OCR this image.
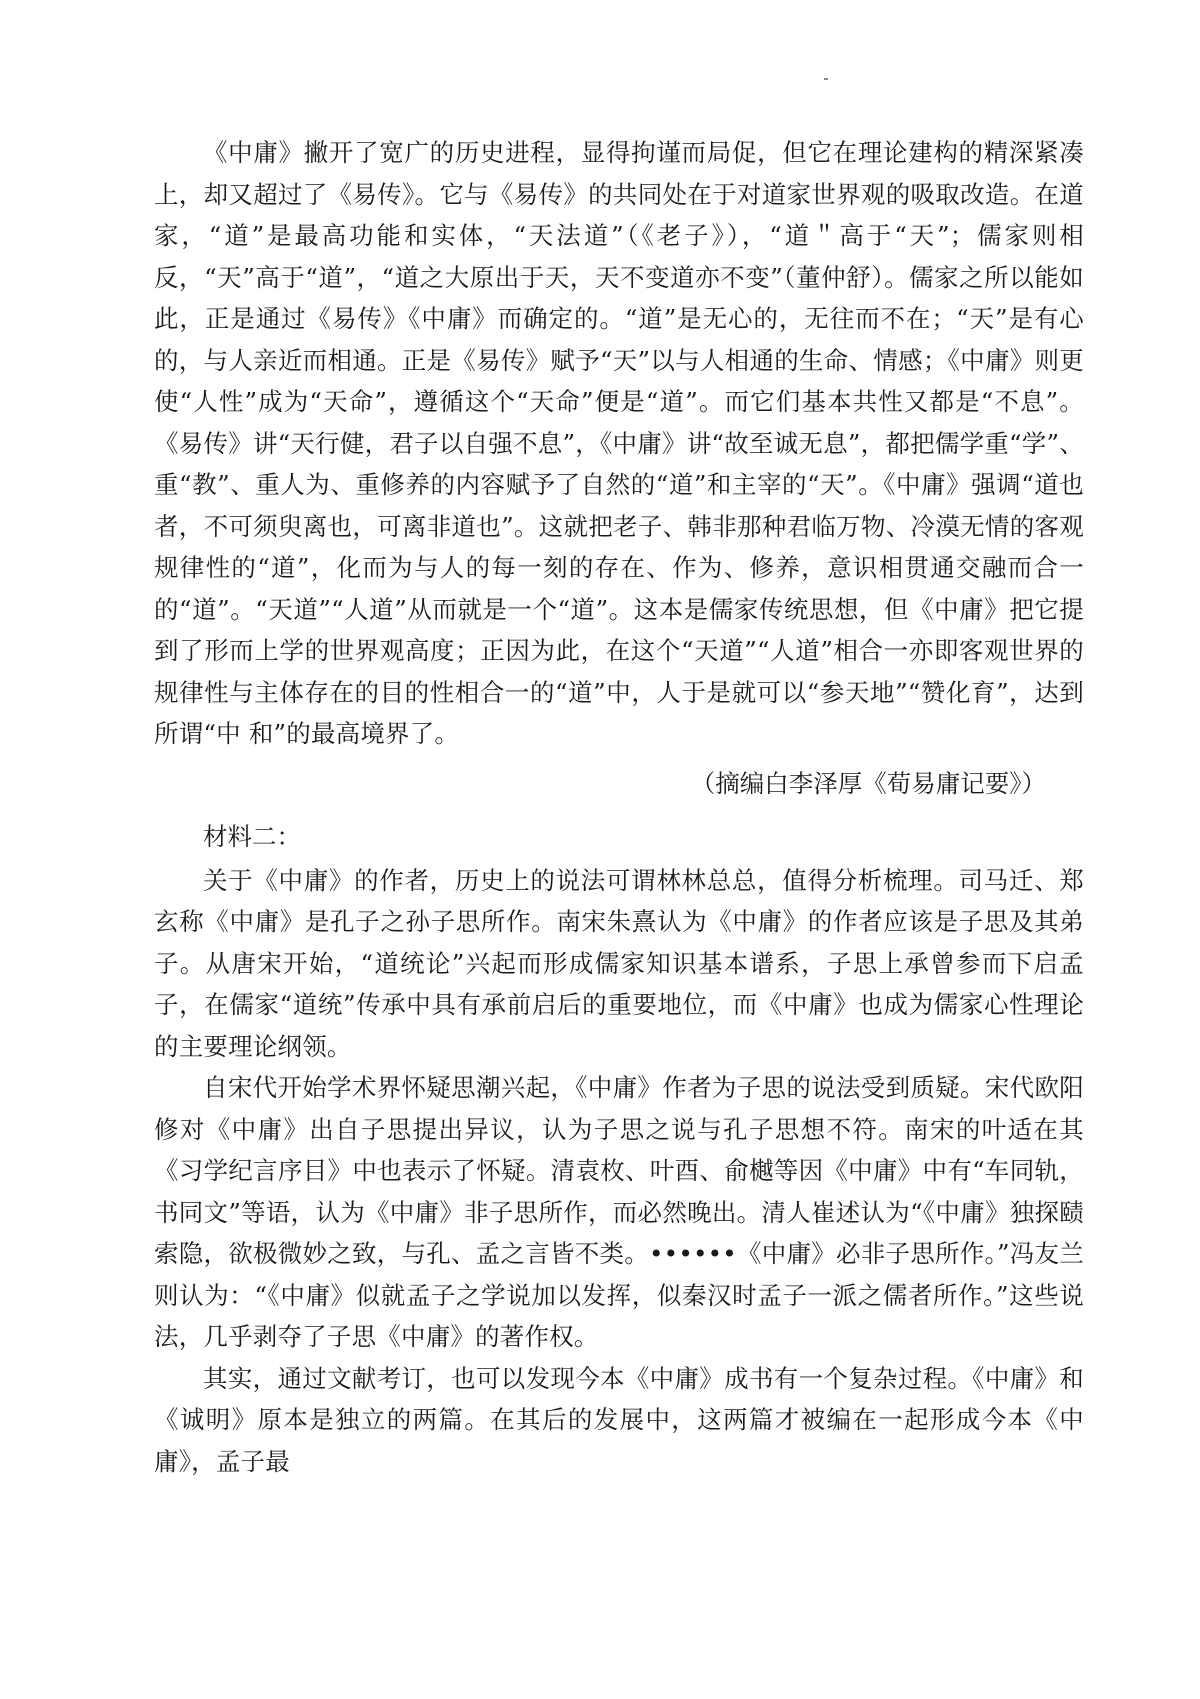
《中庸》撇开了宽广的历史进程，显得拘谨而局促，但它在理论建构的精深紧凑上，却又超过了《易传》。它与《易传》的共同处在于对道家世界观的吸取改造。在道家，“道”是最高功能和实体，“天法道”（《老子》），“道＂高于“天”；儒家则相反，“天”高于“道”，“道之大原出于天，天不变道亦不变”（董仲舒）。儒家之所以能如此，正是通过《易传》《中庸》而确定的。“道”是无心的，无往而不在；“天”是有心的，与人亲近而相通。正是《易传》赋予“天”以与人相通的生命、情感；《中庸》则更使“人性”成为“天命”，遵循这个“天命”便是“道”。而它们基本共性又都是“不息”。《易传》讲“天行健，君子以自强不息”，《中庸》讲“故至诚无息”，都把儒学重“学”、重“教”、重人为、重修养的内容赋予了自然的“道”和主宰的“天”。《中庸》强调“道也者，不可须臾离也，可离非道也”。这就把老子、韩非那种君临万物、冷漠无情的客观规律性的“道”，化而为与人的每一刻的存在、作为、修养，意识相贯通交融而合一的“道”。“天道”“人道”从而就是一个“道”。这本是儒家传统思想，但《中庸》把它提到了形而上学的世界观高度；正因为此，在这个“天道”“人道”相合一亦即客观世界的规律性与主体存在的目的性相合一的“道”中，人于是就可以“参天地”“赞化育”，达到所谓“中 和”的最高境界了。

（摘编白李泽厚《荀易庸记要》）

材料二：

关于《中庸》的作者，历史上的说法可谓林林总总，值得分析梳理。司马迁、郑玄称《中庸》是孔子之孙子思所作。南宋朱熹认为《中庸》的作者应该是子思及其弟子。从唐宋开始，“道统论”兴起而形成儒家知识基本谱系，子思上承曾参而下启孟子，在儒家“道统”传承中具有承前启后的重要地位，而《中庸》也成为儒家心性理论的主要理论纲领。

自宋代开始学术界怀疑思潮兴起，《中庸》作者为子思的说法受到质疑。宋代欧阳修对《中庸》出自子思提出异议，认为子思之说与孔子思想不符。南宋的叶适在其《习学纪言序目》中也表示了怀疑。清袁枚、叶酉、俞樾等因《中庸》中有“车同轨，书同文”等语，认为《中庸》非子思所作，而必然晚出。清人崔述认为“《中庸》独探赜索隐，欲极微妙之致，与孔、孟之言皆不类。••••••《中庸》必非子思所作。”冯友兰则认为：“《中庸》似就孟子之学说加以发挥，似秦汉时孟子一派之儒者所作。”这些说法，几乎剥夺了子思《中庸》的著作权。

其实，通过文献考订，也可以发现今本《中庸》成书有一个复杂过程。《中庸》和《诚明》原本是独立的两篇。在其后的发展中，这两篇才被编在一起形成今本《中庸》，孟子最
